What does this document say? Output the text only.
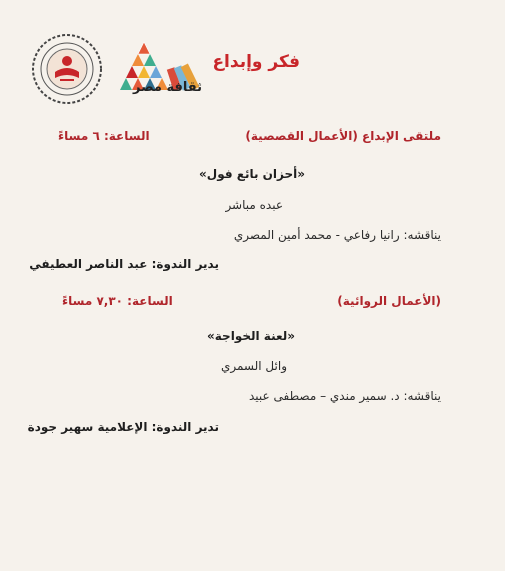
فكر وإبداع
ثقافة مصر
ملتقى الإبداع (الأعمال القصصية)
الساعة: ٦ مساءً
«أحزان بائع فول»
عبده مباشر
يناقشه: رانيا رفاعي - محمد أمين المصري
يدير الندوة: عبد الناصر العطيفي
(الأعمال الروائية)
الساعة: ٧,٣٠ مساءً
«لعنة الخواجة»
وائل السمري
يناقشه: د. سمير مندي – مصطفى عبيد
تدير الندوة: الإعلامية سهير جودة
